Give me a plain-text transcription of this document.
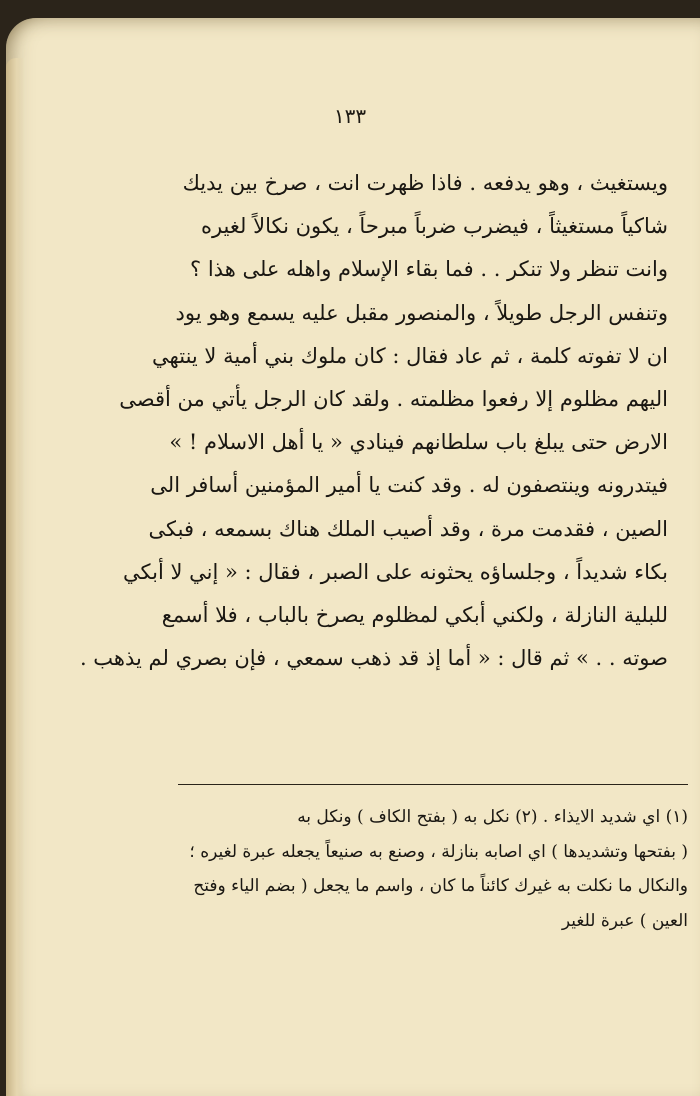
١٣٣
ويستغيث ، وهو يدفعه . فاذا ظهرت انت ، صرخ بين يديك
شاكياً مستغيثاً ، فيضرب ضرباً مبرحاً ، يكون نكالاً لغيره
وانت تنظر ولا تنكر . . فما بقاء الإسلام واهله على هذا ؟
وتنفس الرجل طويلاً ، والمنصور مقبل عليه يسمع وهو يود
ان لا تفوته كلمة ، ثم عاد فقال : كان ملوك بني أمية لا ينتهي
اليهم مظلوم إلا رفعوا مظلمته . ولقد كان الرجل يأتي من أقصى
الارض حتى يبلغ باب سلطانهم فينادي « يا أهل الاسلام ! »
فيتدرونه وينتصفون له . وقد كنت يا أمير المؤمنين أسافر الى
الصين ، فقدمت مرة ، وقد أصيب الملك هناك بسمعه ، فبكى
بكاء شديداً ، وجلساؤه يحثونه على الصبر ، فقال : « إني لا أبكي
للبلية النازلة ، ولكني أبكي لمظلوم يصرخ بالباب ، فلا أسمع
صوته . . » ثم قال : « أما إذ قد ذهب سمعي ، فإن بصري لم يذهب .
(١) اي شديد الايذاء . (٢) نكل به ( بفتح الكاف ) ونكل به
( بفتحها وتشديدها ) اي اصابه بنازلة ، وصنع به صنيعاً يجعله عبرة لغيره ؛
والنكال ما نكلت به غيرك كائناً ما كان ، واسم ما يجعل ( بضم الياء وفتح
العين ) عبرة للغير
